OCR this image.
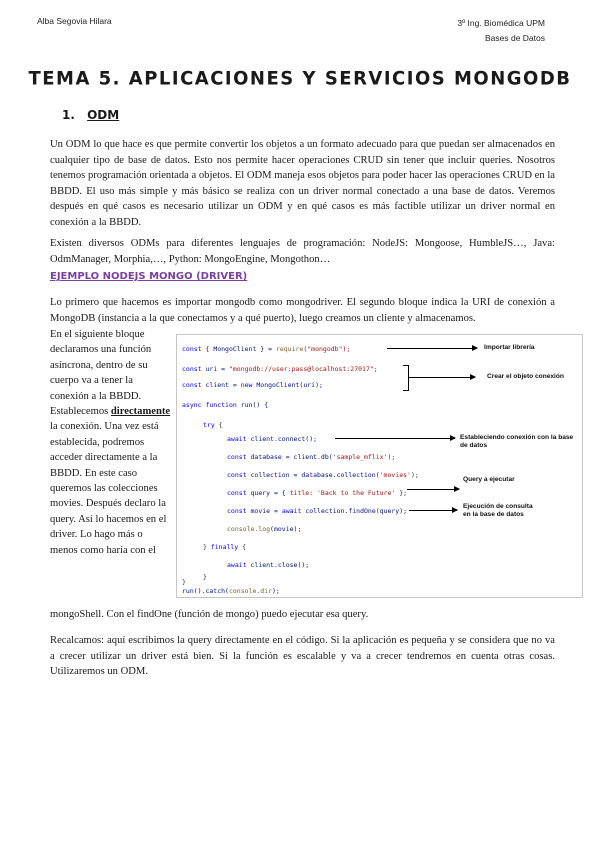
Alba Segovia Hilara	3º Ing. Biomédica UPM
Bases de Datos
TEMA 5. APLICACIONES Y SERVICIOS MONGODB
1. ODM
Un ODM lo que hace es que permite convertir los objetos a un formato adecuado para que puedan ser almacenados en cualquier tipo de base de datos. Esto nos permite hacer operaciones CRUD sin tener que incluir queries. Nosotros tenemos programación orientada a objetos. El ODM maneja esos objetos para poder hacer las operaciones CRUD en la BBDD. El uso más simple y más básico se realiza con un driver normal conectado a una base de datos. Veremos después en qué casos es necesario utilizar un ODM y en qué casos es más factible utilizar un driver normal en conexión a la BBDD.
Existen diversos ODMs para diferentes lenguajes de programación: NodeJS: Mongoose, HumbleJS…, Java: OdmManager, Morphia,…, Python: MongoEngine, Mongothon…
EJEMPLO NODEJS MONGO (DRIVER)
Lo primero que hacemos es importar mongodb como mongodriver. El segundo bloque indica la URI de conexión a MongoDB (instancia a la que conectamos y a qué puerto), luego creamos un cliente y almacenamos.
En el siguiente bloque declaramos una función asíncrona, dentro de su cuerpo va a tener la conexión a la BBDD. Establecemos directamente la conexión. Una vez está establecida, podremos acceder directamente a la BBDD. En este caso queremos las colecciones movies. Después declaro la query. Así lo hacemos en el driver. Lo hago más o menos como haría con el
const { MongoClient } = require("mongodb");
const uri = "mongodb://user:pass@localhost:27017";
const client = new MongoClient(uri);
async function run() {
try {
await client.connect();
const database = client.db('sample_mflix');
const collection = database.collection('movies');
const query = { title: 'Back to the Future' };
const movie = await collection.findOne(query);
console.log(movie);
} finally {
await client.close();
}
}
run().catch(console.dir);
Importar librería
Crear el objeto conexión
Estableciendo conexión con la base de datos
Query a ejecutar
Ejecución de consulta
en la base de datos
mongoShell. Con el findOne (función de mongo) puedo ejecutar esa query.
Recalcamos: aquí escribimos la query directamente en el código. Si la aplicación es pequeña y se considera que no va a crecer utilizar un driver está bien. Si la función es escalable y va a crecer tendremos en cuenta otras cosas. Utilizaremos un ODM.
